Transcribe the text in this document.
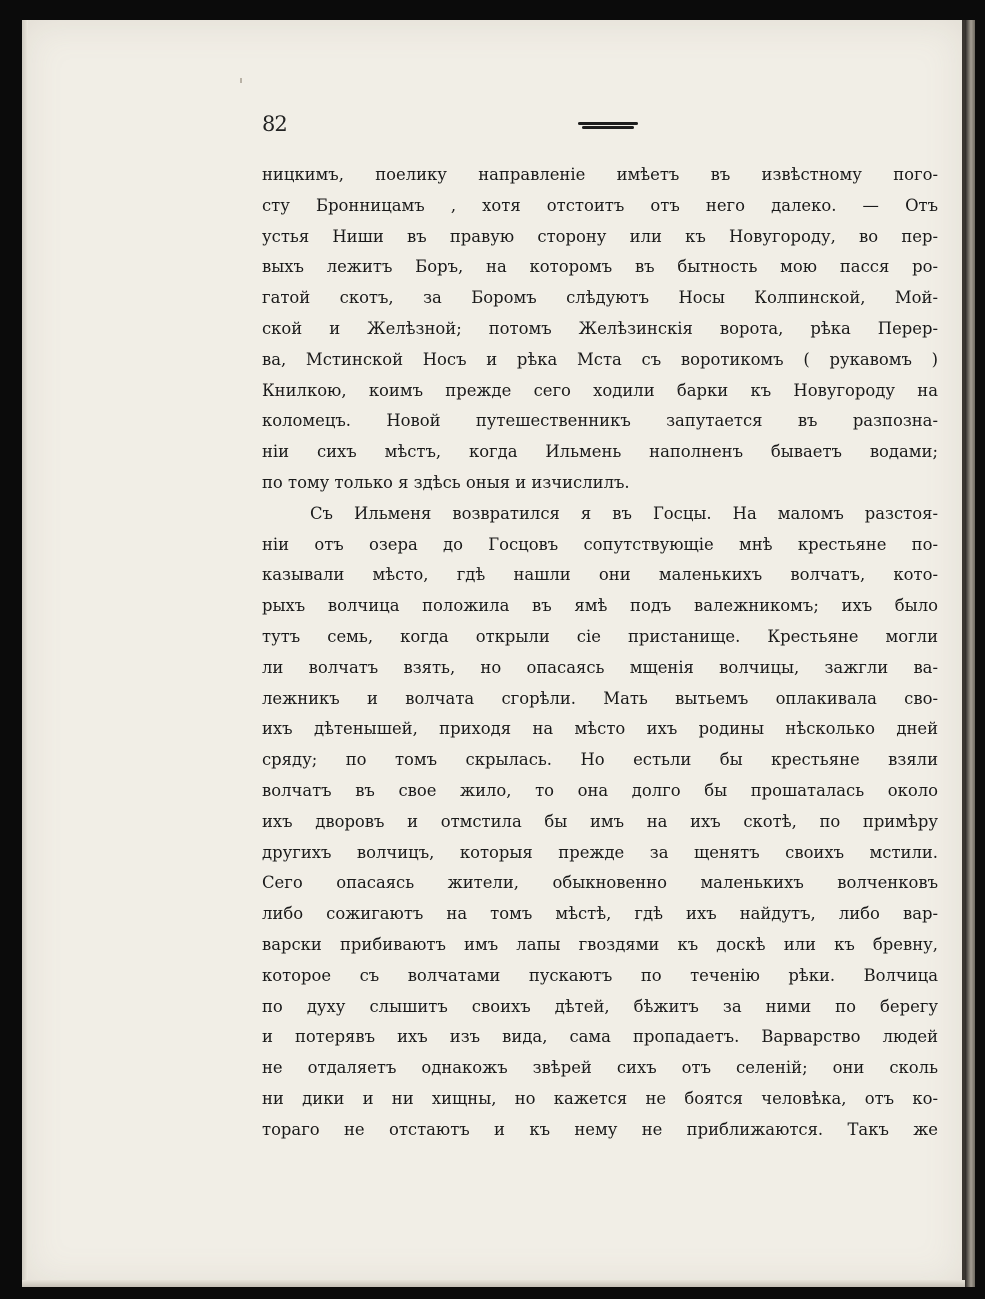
82
ницкимъ, поелику направленіе имѣетъ въ извѣстному пого-
сту Бронницамъ , хотя отстоитъ отъ него далеко. — Отъ
устья Ниши въ правую сторону или къ Новугороду, во пер-
выхъ лежитъ Боръ, на которомъ въ бытность мою пасся ро-
гатой скотъ, за Боромъ слѣдуютъ Носы Колпинской, Мой-
ской и Желѣзной; потомъ Желѣзинскія ворота, рѣка Перер-
ва, Мстинской Носъ и рѣка Мста съ воротикомъ ( рукавомъ )
Книлкою, коимъ прежде сего ходили барки къ Новугороду на
коломецъ. Новой путешественникъ запутается въ разпозна-
ніи сихъ мѣстъ, когда Ильмень наполненъ бываетъ водами;
по тому только я здѣсь оныя и изчислилъ.
Съ Ильменя возвратился я въ Госцы. На маломъ разстоя-
ніи отъ озера до Госцовъ сопутствующіе мнѣ крестьяне по-
казывали мѣсто, гдѣ нашли они маленькихъ волчатъ, кото-
рыхъ волчица положила въ ямѣ подъ валежникомъ; ихъ было
тутъ семь, когда открыли сіе пристанище. Крестьяне могли
ли волчатъ взять, но опасаясь мщенія волчицы, зажгли ва-
лежникъ и волчата сгорѣли. Мать вытьемъ оплакивала сво-
ихъ дѣтенышей, приходя на мѣсто ихъ родины нѣсколько дней
сряду; по томъ скрылась. Но естьли бы крестьяне взяли
волчатъ въ свое жило, то она долго бы прошаталась около
ихъ дворовъ и отмстила бы имъ на ихъ скотѣ, по примѣру
другихъ волчицъ, которыя прежде за щенятъ своихъ мстили.
Сего опасаясь жители, обыкновенно маленькихъ волченковъ
либо сожигаютъ на томъ мѣстѣ, гдѣ ихъ найдутъ, либо вар-
варски прибиваютъ имъ лапы гвоздями къ доскѣ или къ бревну,
которое съ волчатами пускаютъ по теченію рѣки. Волчица
по духу слышитъ своихъ дѣтей, бѣжитъ за ними по берегу
и потерявъ ихъ изъ вида, сама пропадаетъ. Варварство людей
не отдаляетъ однакожъ звѣрей сихъ отъ селеній; они сколь
ни дики и ни хищны, но кажется не боятся человѣка, отъ ко-
тораго не отстаютъ и къ нему не приближаются. Такъ же
